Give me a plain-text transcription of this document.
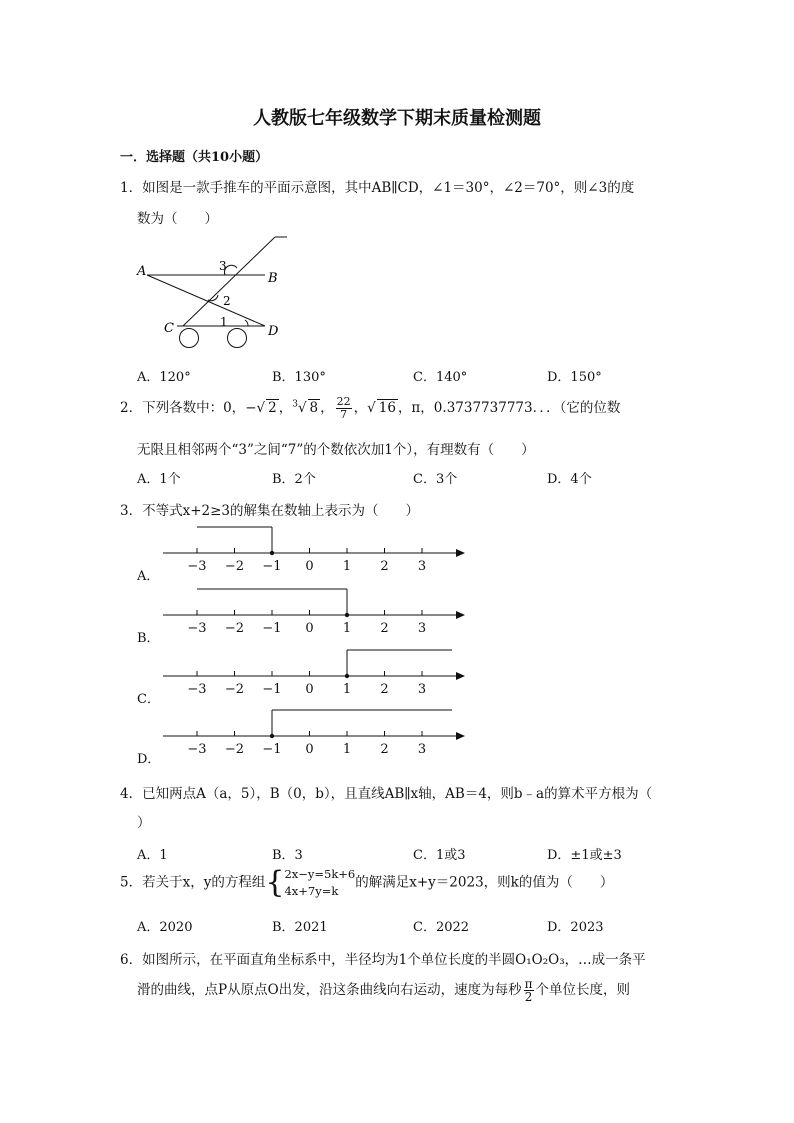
人教版七年级数学下期末质量检测题
一．选择题（共10小题）
1．如图是一款手推车的平面示意图，其中AB∥CD，∠1＝30°，∠2＝70°，则∠3的度
数为（　　）
A	B
C	D
3
2
1
A．120°	B．130°	C．140°	D．150°
2．下列各数中：0，−√ 2 ，$^3$√ 8 ， $\frac{22}{7}$ ，√ 16 ，π，0.3737737773．．．（它的位数
无限且相邻两个“3”之间“7”的个数依次加1个），有理数有（　　）
A．1个	B．2个	C．3个	D．4个
3．不等式x+2≥3的解集在数轴上表示为（　　）
A．
B．
C．
D．
−3 −2 −1 0 1 2 3
−3 −2 −1 0 1 2 3
−3 −2 −1 0 1 2 3
−3 −2 −1 0 1 2 3
4．已知两点A（a，5），B（0，b），且直线AB∥x轴，AB＝4，则b﹣a的算术平方根为（
）
A．1	B．3	C．1或3	D．±1或±3
5．若关于x，y的方程组{ 2x−y=5k+6
4x+7y=k
的解满足x+y＝2023，则k的值为（　　）
A．2020	B．2021	C．2022	D．2023
6．如图所示，在平面直角坐标系中，半径均为1个单位长度的半圆O₁O₂O₃，…成一条平
滑的曲线，点P从原点O出发，沿这条曲线向右运动，速度为每秒 $\frac{\pi}{2}$ 个单位长度，则
